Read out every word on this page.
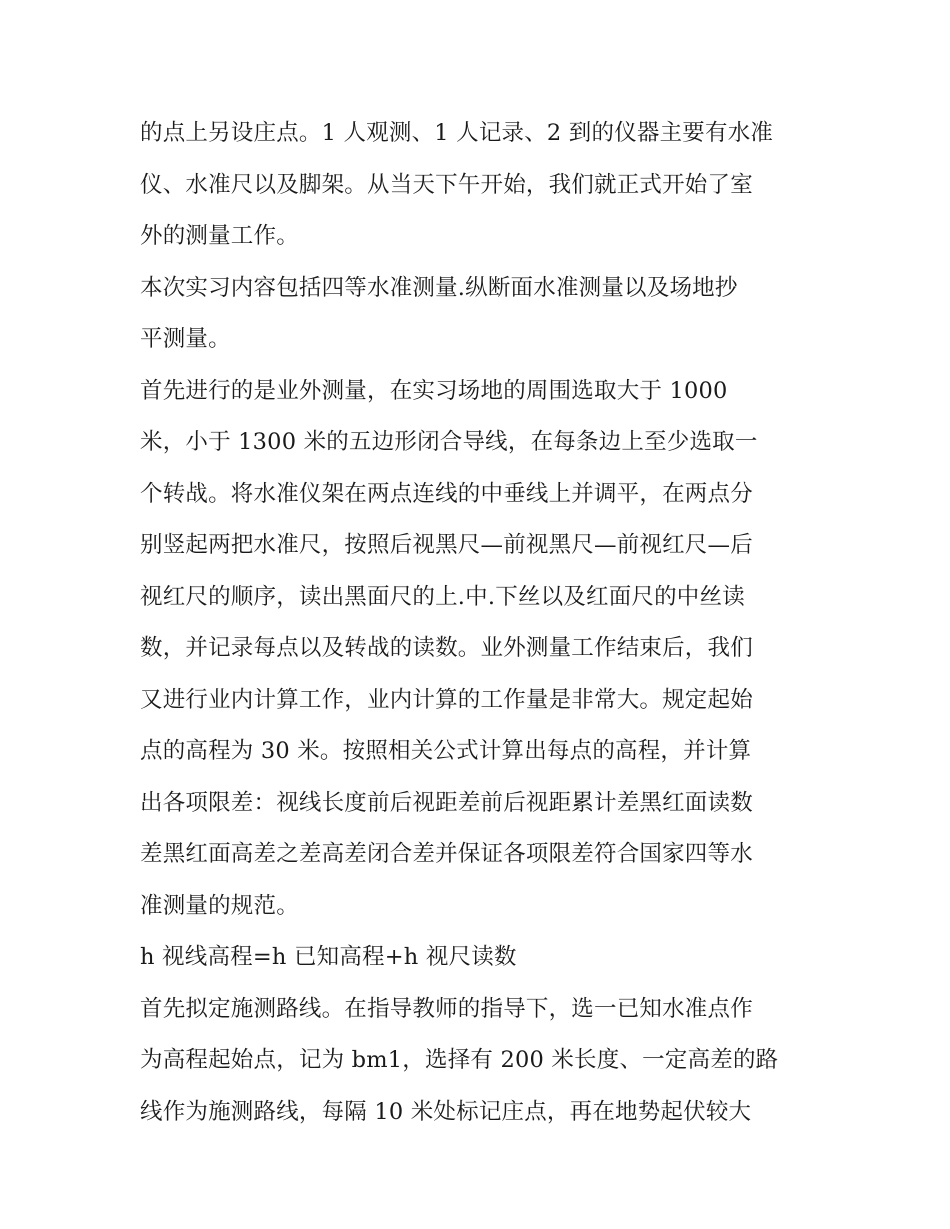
的点上另设庄点。1 人观测、1 人记录、2 到的仪器主要有水准
仪、水准尺以及脚架。从当天下午开始，我们就正式开始了室
外的测量工作。

本次实习内容包括四等水准测量.纵断面水准测量以及场地抄
平测量。

首先进行的是业外测量，在实习场地的周围选取大于 1000
米，小于 1300 米的五边形闭合导线，在每条边上至少选取一
个转战。将水准仪架在两点连线的中垂线上并调平，在两点分
别竖起两把水准尺，按照后视黑尺—前视黑尺—前视红尺—后
视红尺的顺序，读出黑面尺的上.中.下丝以及红面尺的中丝读
数，并记录每点以及转战的读数。业外测量工作结束后，我们
又进行业内计算工作，业内计算的工作量是非常大。规定起始
点的高程为 30 米。按照相关公式计算出每点的高程，并计算
出各项限差：视线长度前后视距差前后视距累计差黑红面读数
差黑红面高差之差高差闭合差并保证各项限差符合国家四等水
准测量的规范。

h 视线高程=h 已知高程+h 视尺读数

首先拟定施测路线。在指导教师的指导下，选一已知水准点作
为高程起始点，记为 bm1，选择有 200 米长度、一定高差的路
线作为施测路线，每隔 10 米处标记庄点，再在地势起伏较大
